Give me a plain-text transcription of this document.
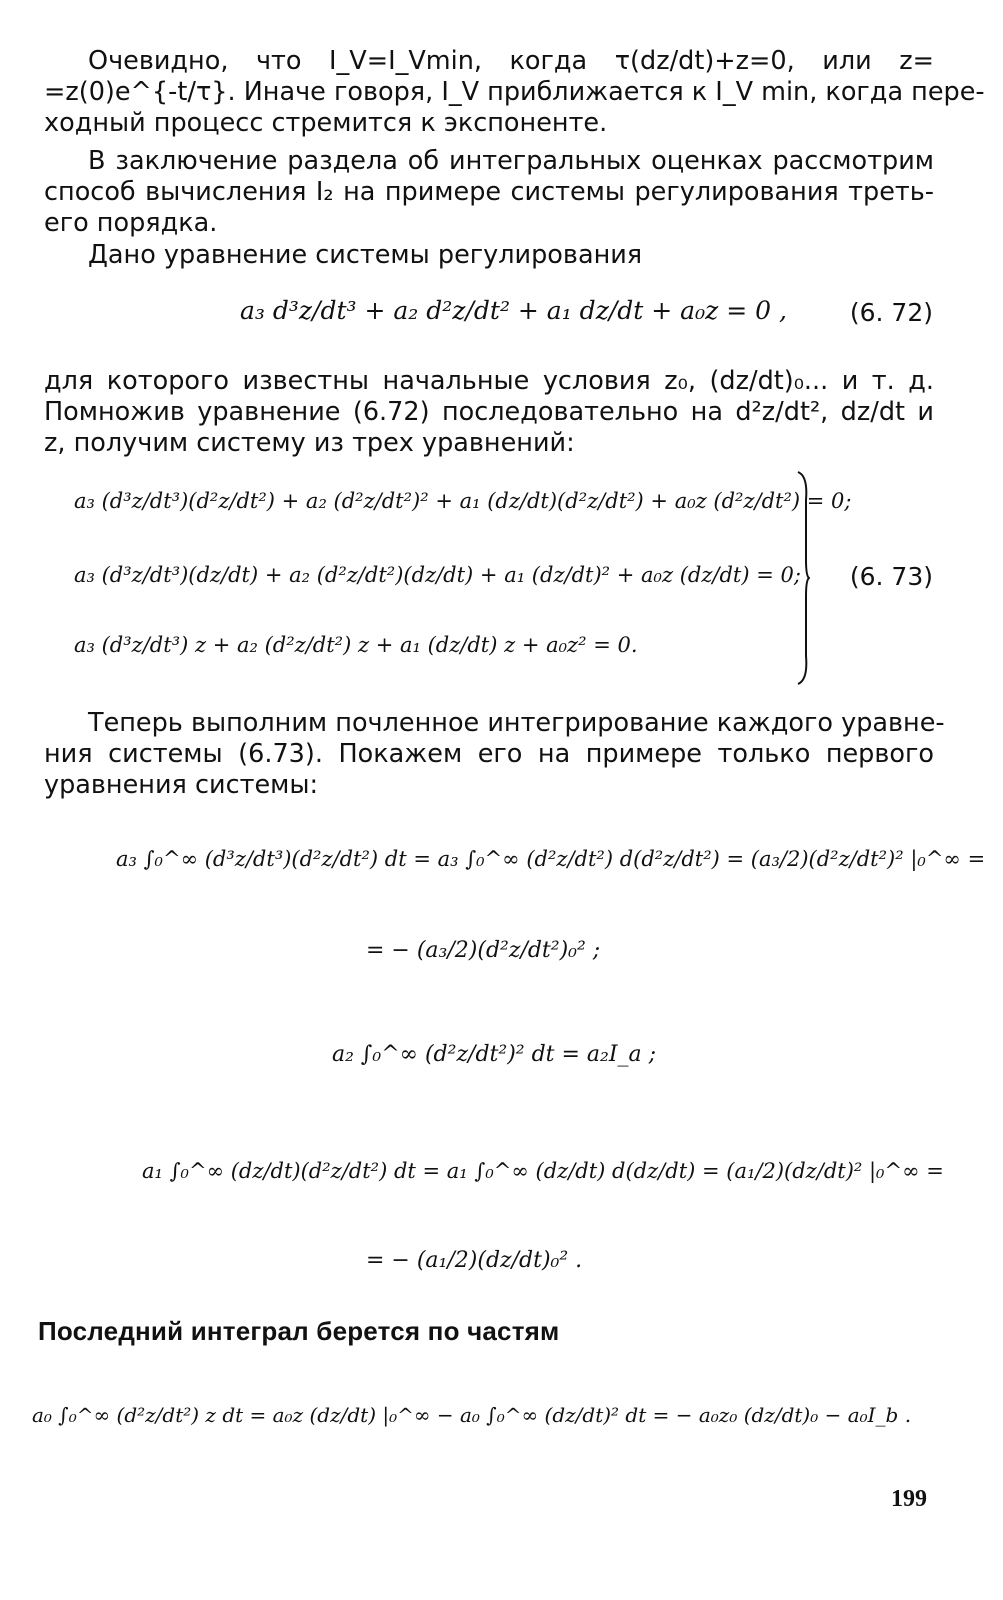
Очевидно, что I_V=I_Vmin, когда τ(dz/dt)+z=0, или z=
=z(0)e^{-t/τ}. Иначе говоря, I_V приближается к I_V min, когда пере-
ходный процесс стремится к экспоненте.
В заключение раздела об интегральных оценках рассмотрим
способ вычисления I₂ на примере системы регулирования треть-
его порядка.
Дано уравнение системы регулирования
a₃ d³z/dt³ + a₂ d²z/dt² + a₁ dz/dt + a₀z = 0 ,	(6. 72)
для которого известны начальные условия z₀, (dz/dt)₀... и т. д.
Помножив уравнение (6.72) последовательно на d²z/dt², dz/dt и
z, получим систему из трех уравнений:
a₃ (d³z/dt³)(d²z/dt²) + a₂ (d²z/dt²)² + a₁ (dz/dt)(d²z/dt²) + a₀z (d²z/dt²) = 0;
a₃ (d³z/dt³)(dz/dt) + a₂ (d²z/dt²)(dz/dt) + a₁ (dz/dt)² + a₀z (dz/dt) = 0;
a₃ (d³z/dt³) z + a₂ (d²z/dt²) z + a₁ (dz/dt) z + a₀z² = 0.
(6. 73)
Теперь выполним почленное интегрирование каждого уравне-
ния системы (6.73). Покажем его на примере только первого
уравнения системы:
a₃ ∫₀^∞ (d³z/dt³)(d²z/dt²) dt = a₃ ∫₀^∞ (d²z/dt²) d(d²z/dt²) = (a₃/2)(d²z/dt²)² |₀^∞ =
= − (a₃/2)(d²z/dt²)₀² ;
a₂ ∫₀^∞ (d²z/dt²)² dt = a₂I_a ;
a₁ ∫₀^∞ (dz/dt)(d²z/dt²) dt = a₁ ∫₀^∞ (dz/dt) d(dz/dt) = (a₁/2)(dz/dt)² |₀^∞ =
= − (a₁/2)(dz/dt)₀² .
Последний интеграл берется по частям
a₀ ∫₀^∞ (d²z/dt²) z dt = a₀z (dz/dt) |₀^∞ − a₀ ∫₀^∞ (dz/dt)² dt = − a₀z₀ (dz/dt)₀ − a₀I_b .
199
